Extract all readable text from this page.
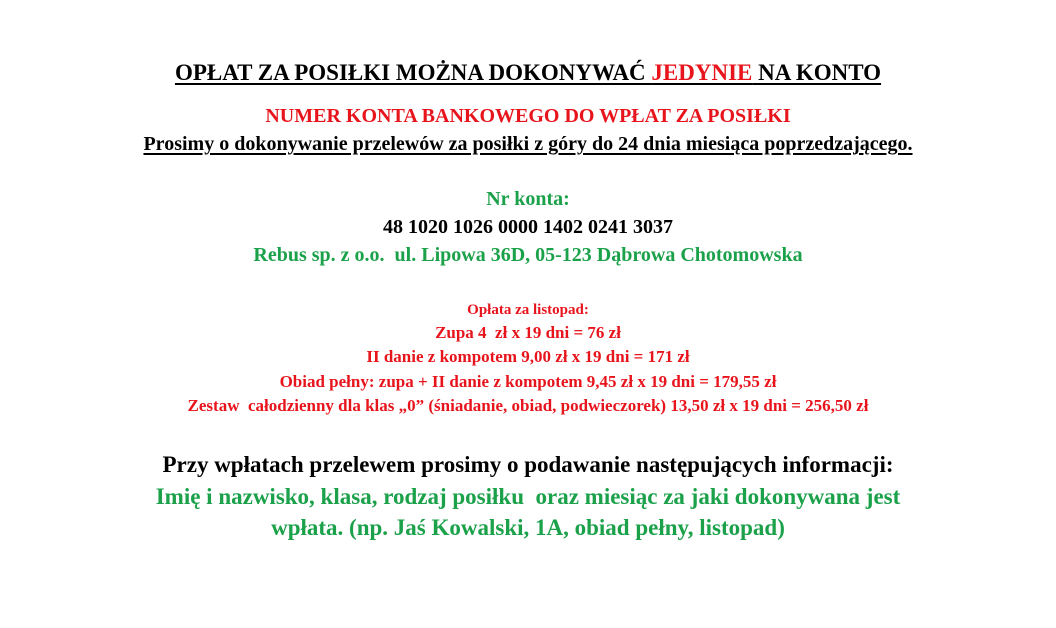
OPŁAT ZA POSIŁKI MOŻNA DOKONYWAĆ JEDYNIE NA KONTO

NUMER KONTA BANKOWEGO DO WPŁAT ZA POSIŁKI

Prosimy o dokonywanie przelewów za posiłki z góry do 24 dnia miesiąca poprzedzającego.

Nr konta:

48 1020 1026 0000 1402 0241 3037

Rebus sp. z o.o.  ul. Lipowa 36D, 05-123 Dąbrowa Chotomowska

Opłata za listopad:

Zupa 4  zł x 19 dni = 76 zł

II danie z kompotem 9,00 zł x 19 dni = 171 zł

Obiad pełny: zupa + II danie z kompotem 9,45 zł x 19 dni = 179,55 zł

Zestaw  całodzienny dla klas „0” (śniadanie, obiad, podwieczorek) 13,50 zł x 19 dni = 256,50 zł

Przy wpłatach przelewem prosimy o podawanie następujących informacji:

Imię i nazwisko, klasa, rodzaj posiłku  oraz miesiąc za jaki dokonywana jest

wpłata. (np. Jaś Kowalski, 1A, obiad pełny, listopad)
